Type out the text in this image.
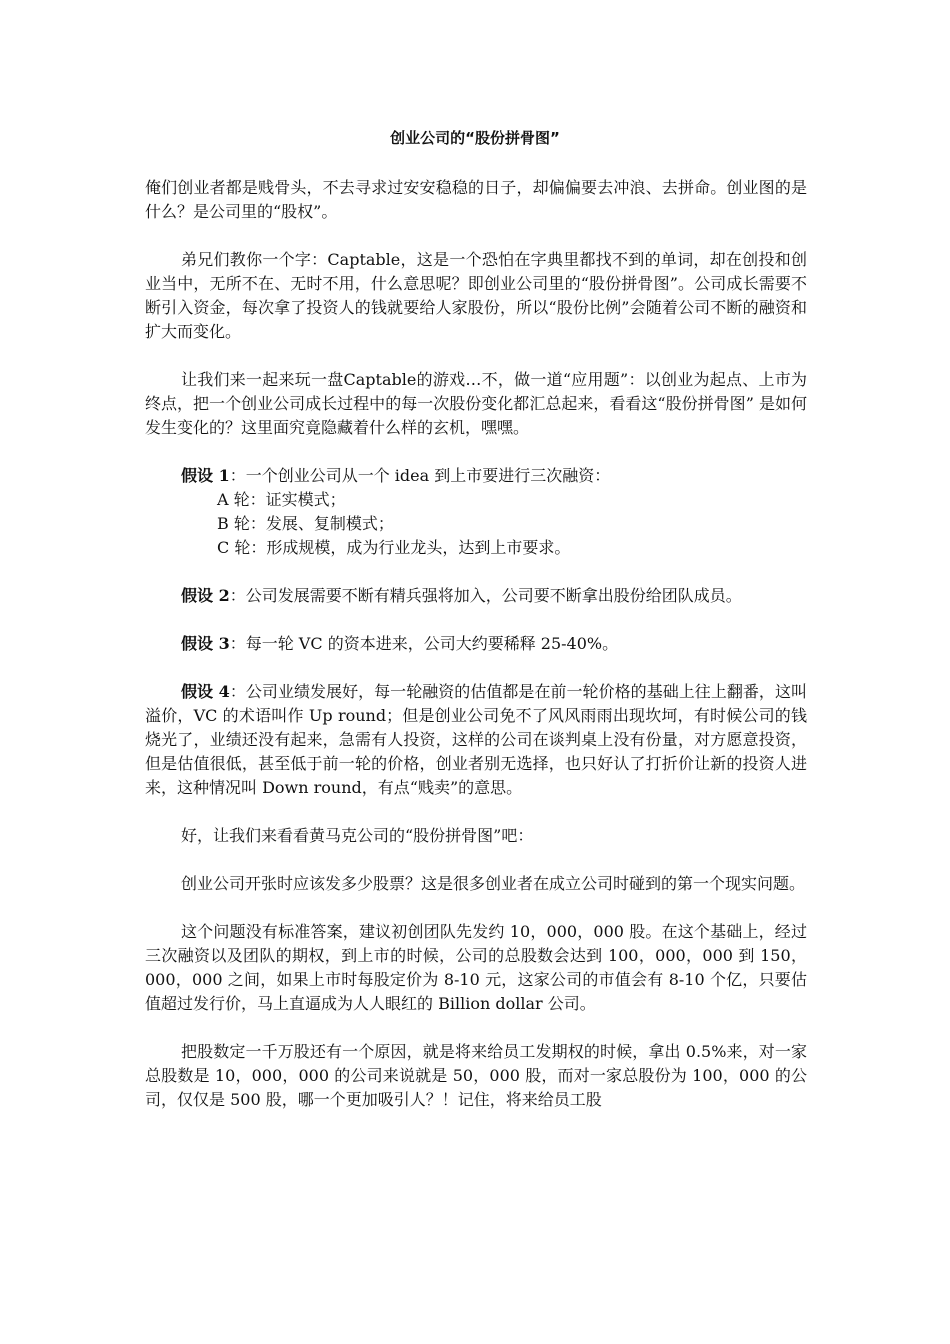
创业公司的“股份拼骨图”

俺们创业者都是贱骨头，不去寻求过安安稳稳的日子，却偏偏要去冲浪、去拼命。创业图的是什么？是公司里的“股权”。

弟兄们教你一个字：Captable，这是一个恐怕在字典里都找不到的单词，却在创投和创业当中，无所不在、无时不用，什么意思呢？即创业公司里的“股份拼骨图”。公司成长需要不断引入资金，每次拿了投资人的钱就要给人家股份，所以“股份比例”会随着公司不断的融资和扩大而变化。

让我们来一起来玩一盘Captable的游戏…不，做一道“应用题”：以创业为起点、上市为终点，把一个创业公司成长过程中的每一次股份变化都汇总起来，看看这“股份拼骨图” 是如何发生变化的？这里面究竟隐藏着什么样的玄机，嘿嘿。

假设 1：一个创业公司从一个 idea 到上市要进行三次融资：

A 轮：证实模式；

B 轮：发展、复制模式；

C 轮：形成规模，成为行业龙头，达到上市要求。

假设 2：公司发展需要不断有精兵强将加入，公司要不断拿出股份给团队成员。

假设 3：每一轮 VC 的资本进来，公司大约要稀释 25-40%。

假设 4：公司业绩发展好，每一轮融资的估值都是在前一轮价格的基础上往上翻番，这叫溢价，VC 的术语叫作 Up round；但是创业公司免不了风风雨雨出现坎坷，有时候公司的钱烧光了，业绩还没有起来，急需有人投资，这样的公司在谈判桌上没有份量，对方愿意投资，但是估值很低，甚至低于前一轮的价格，创业者别无选择，也只好认了打折价让新的投资人进来，这种情况叫 Down round，有点“贱卖”的意思。

好，让我们来看看黄马克公司的“股份拼骨图”吧：

创业公司开张时应该发多少股票？这是很多创业者在成立公司时碰到的第一个现实问题。

这个问题没有标准答案，建议初创团队先发约 10，000，000 股。在这个基础上，经过三次融资以及团队的期权，到上市的时候，公司的总股数会达到 100，000，000 到 150，000，000 之间，如果上市时每股定价为 8-10 元，这家公司的市值会有 8-10 个亿，只要估值超过发行价，马上直逼成为人人眼红的 Billion dollar 公司。

把股数定一千万股还有一个原因，就是将来给员工发期权的时候，拿出 0.5%来，对一家总股数是 10，000，000 的公司来说就是 50，000 股，而对一家总股份为 100，000 的公司，仅仅是 500 股，哪一个更加吸引人？！记住，将来给员工股
